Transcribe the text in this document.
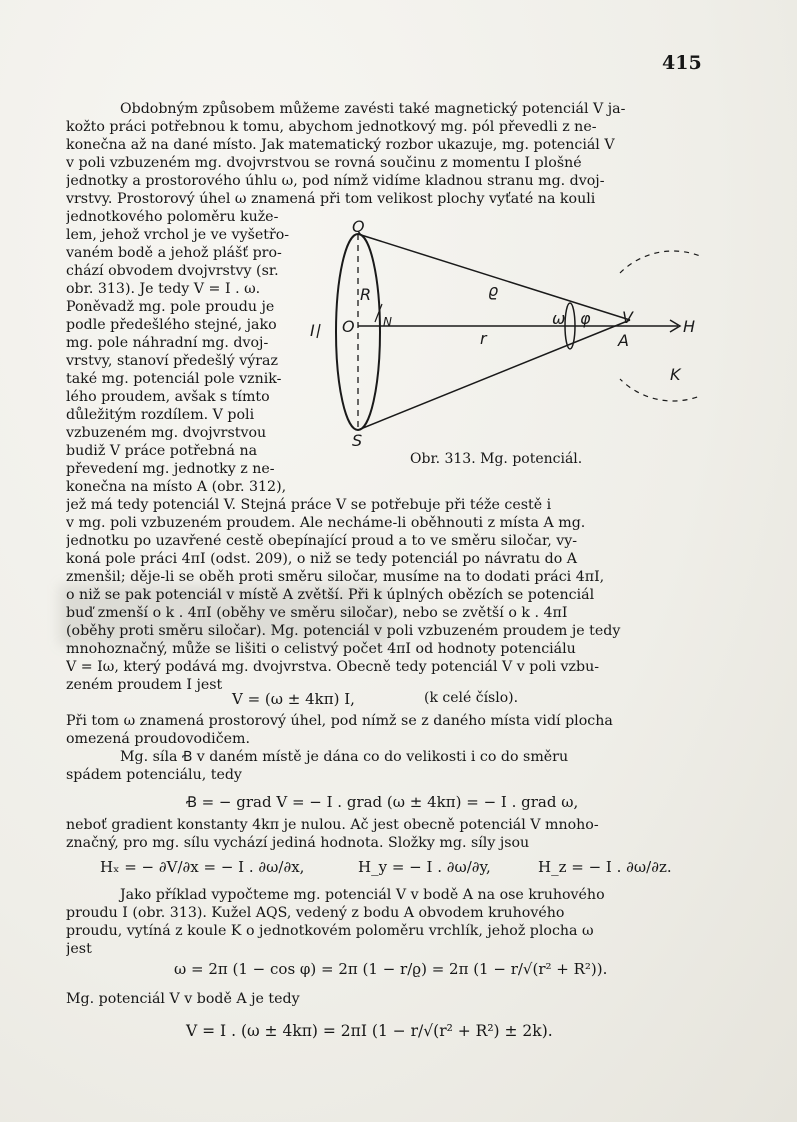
415
Obdobným způsobem můžeme zavésti také magnetický potenciál V ja-
kožto práci potřebnou k tomu, abychom jednotkový mg. pól převedli z ne-
konečna až na dané místo. Jak matematický rozbor ukazuje, mg. potenciál V
v poli vzbuzeném mg. dvojvrstvou se rovná součinu z momentu I plošné
jednotky a prostorového úhlu ω, pod nímž vidíme kladnou stranu mg. dvoj-
vrstvy. Prostorový úhel ω znamená při tom velikost plochy vyťaté na kouli
jednotkového poloměru kuže-
lem, jehož vrchol je ve vyšetřo-
vaném bodě a jehož plášť pro-
chází obvodem dvojvrstvy (sr.
obr. 313). Je tedy V = I . ω.
Poněvadž mg. pole proudu je
podle předešlého stejné, jako
mg. pole náhradní mg. dvoj-
vrstvy, stanoví předešlý výraz
také mg. potenciál pole vznik-
lého proudem, avšak s tímto
důležitým rozdílem. V poli
vzbuzeném mg. dvojvrstvou
budiž V práce potřebná na
převedení mg. jednotky z ne-
konečna na místo A (obr. 312),
Q
R
N
O
I
ϱ
r
ω φ V
A
H
K
S
Obr. 313. Mg. potenciál.
jež má tedy potenciál V. Stejná práce V se potřebuje při téže cestě i
v mg. poli vzbuzeném proudem. Ale necháme-li oběhnouti z místa A mg.
jednotku po uzavřené cestě obepínající proud a to ve směru siločar, vy-
koná pole práci 4πI (odst. 209), o niž se tedy potenciál po návratu do A
zmenšil; děje-li se oběh proti směru siločar, musíme na to dodati práci 4πI,
o niž se pak potenciál v místě A zvětší. Při k úplných obězích se potenciál
buď zmenší o k . 4πI (oběhy ve směru siločar), nebo se zvětší o k . 4πI
(oběhy proti směru siločar). Mg. potenciál v poli vzbuzeném proudem je tedy
mnohoznačný, může se lišiti o celistvý počet 4πI od hodnoty potenciálu
V = Iω, který podává mg. dvojvrstva. Obecně tedy potenciál V v poli vzbu-
zeném proudem I jest
V = (ω ± 4kπ) I,	(k celé číslo).
Při tom ω znamená prostorový úhel, pod nímž se z daného místa vidí plocha
omezená proudovodičem.
Mg. síla Ꞗ v daném místě je dána co do velikosti i co do směru
spádem potenciálu, tedy
Ꞗ = − grad V = − I . grad (ω ± 4kπ) = − I . grad ω,
neboť gradient konstanty 4kπ je nulou. Ač jest obecně potenciál V mnoho-
značný, pro mg. sílu vychází jediná hodnota. Složky mg. síly jsou
Hₓ = − ∂V/∂x = − I . ∂ω/∂x,	H_y = − I . ∂ω/∂y,	H_z = − I . ∂ω/∂z.
Jako příklad vypočteme mg. potenciál V v bodě A na ose kruhového
proudu I (obr. 313). Kužel AQS, vedený z bodu A obvodem kruhového
proudu, vytíná z koule K o jednotkovém poloměru vrchlík, jehož plocha ω
jest
ω = 2π (1 − cos φ) = 2π (1 − r/ϱ) = 2π (1 − r/√(r² + R²)).
Mg. potenciál V v bodě A je tedy
V = I . (ω ± 4kπ) = 2πI (1 − r/√(r² + R²) ± 2k).
